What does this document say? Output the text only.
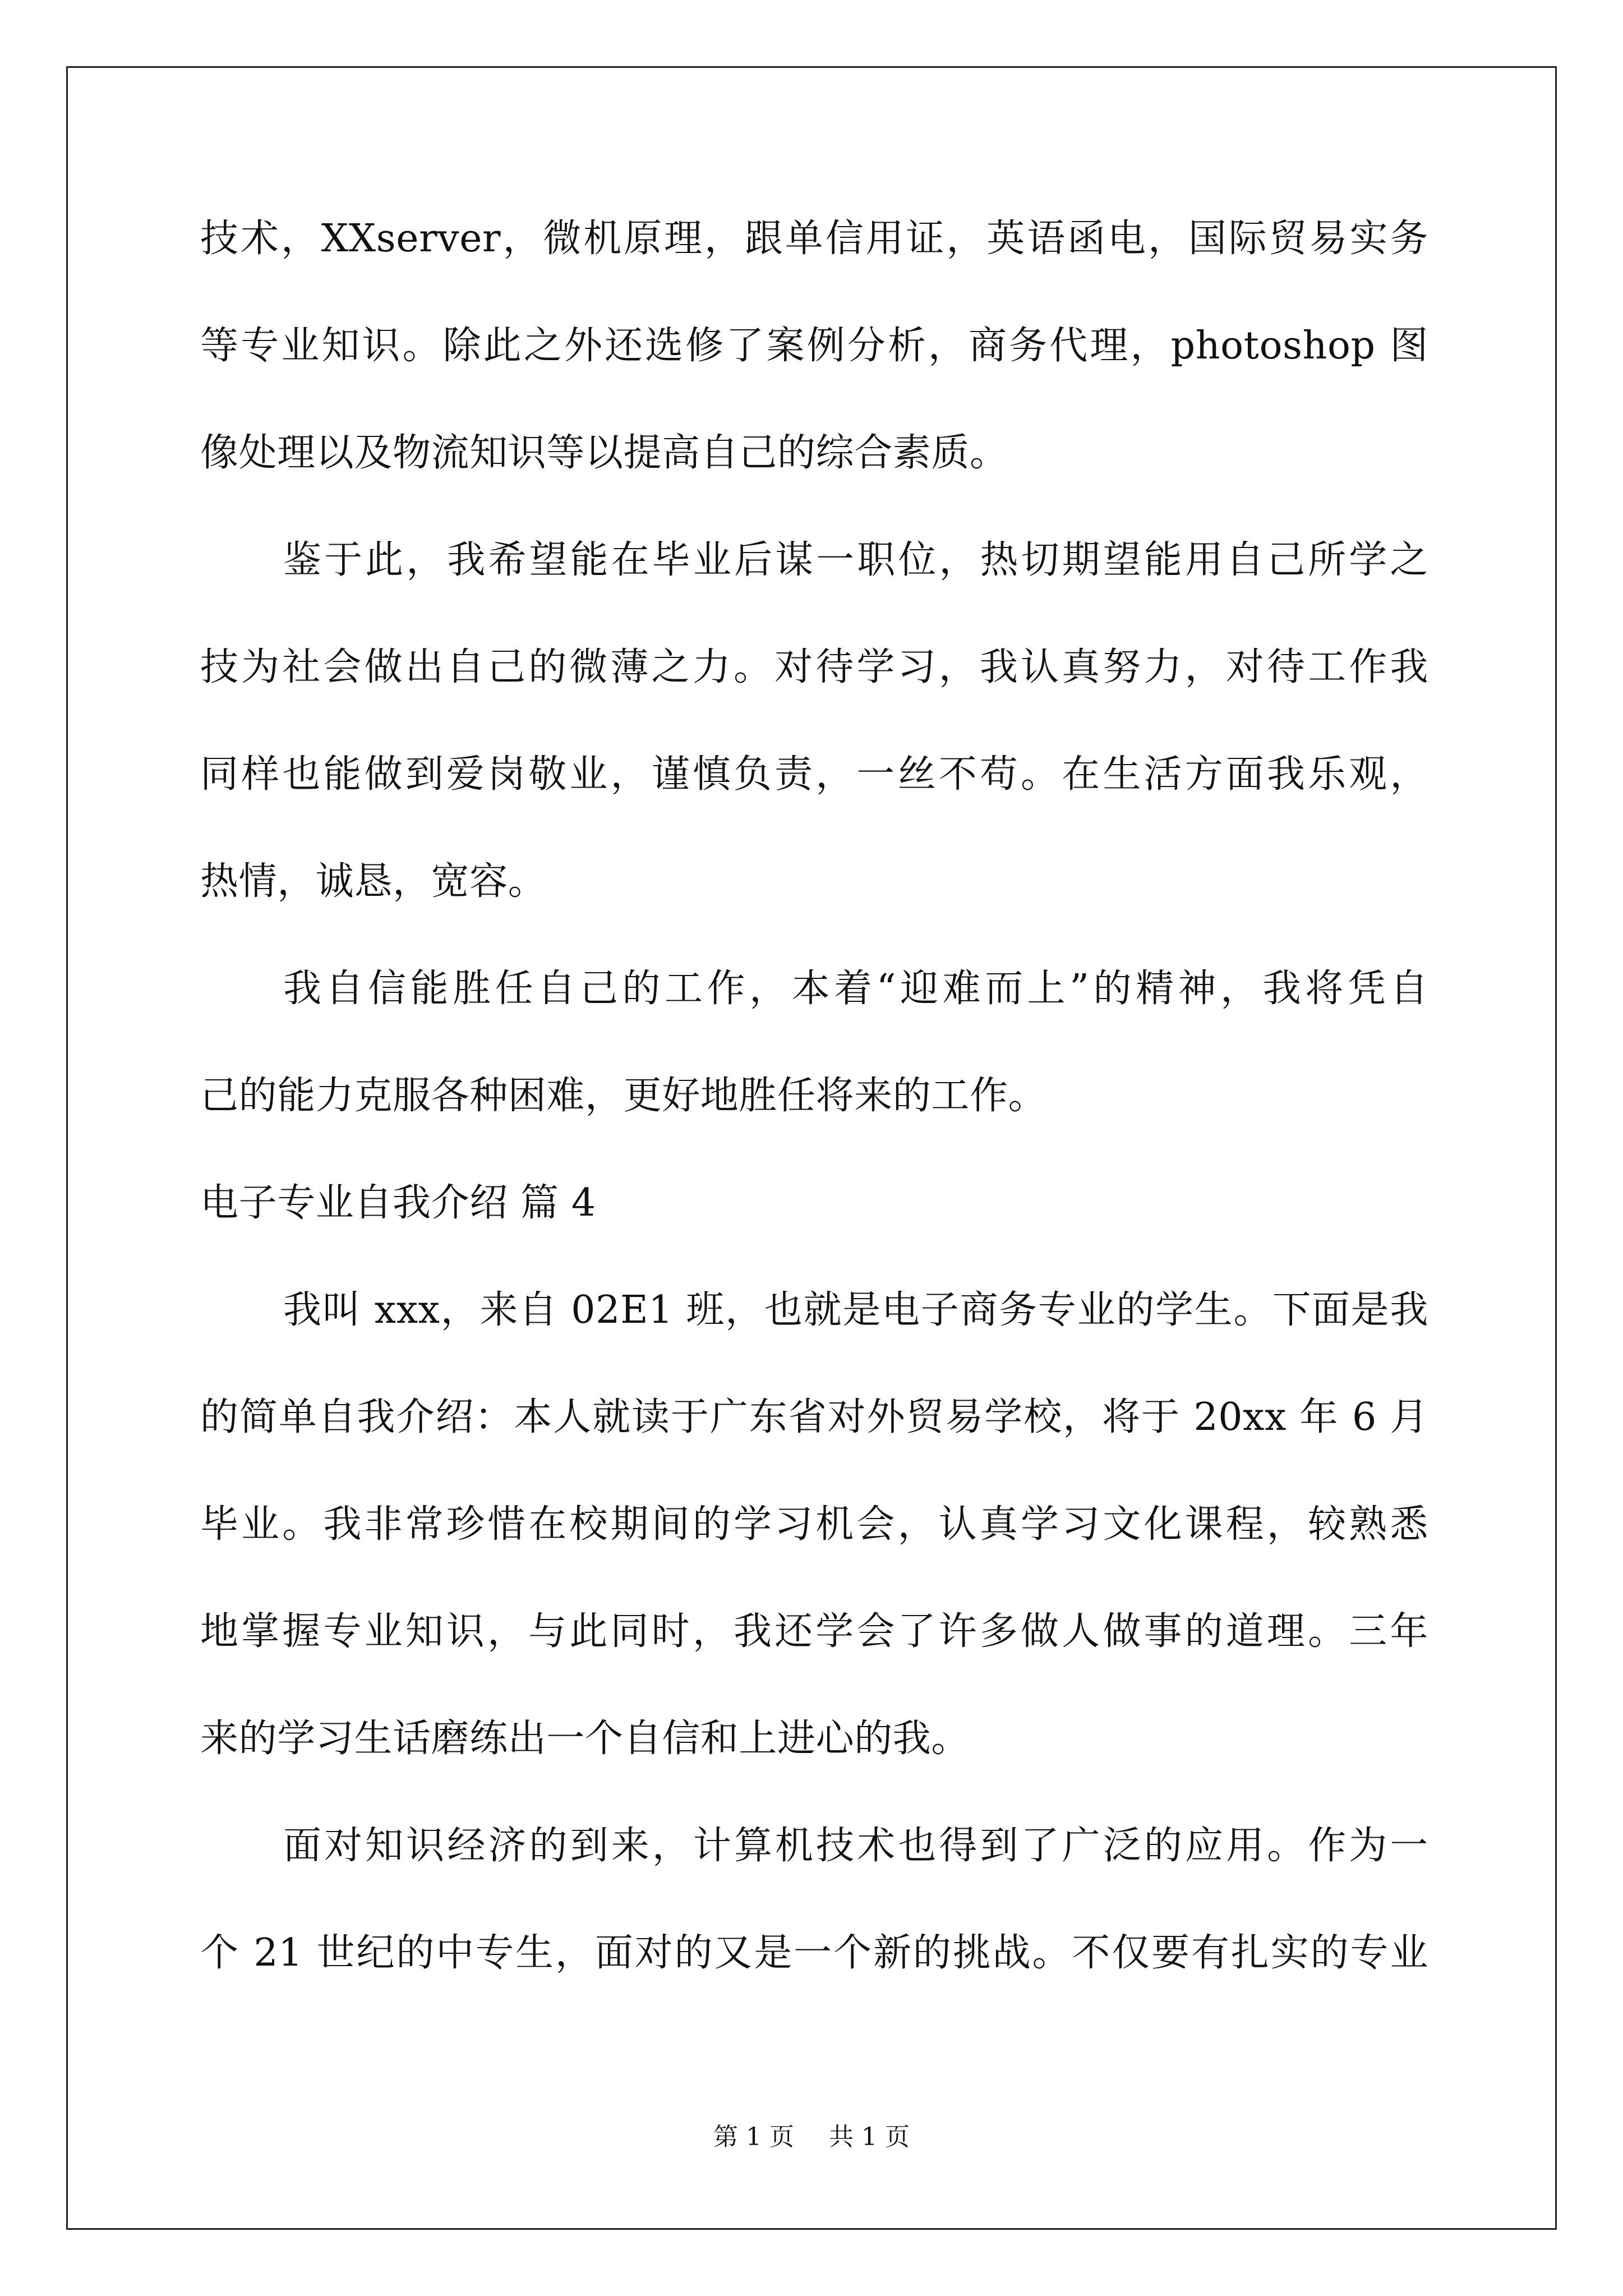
技术，XXserver，微机原理，跟单信用证，英语函电，国际贸易实务
等专业知识。除此之外还选修了案例分析，商务代理，photoshop 图
像处理以及物流知识等以提高自己的综合素质。
鉴于此，我希望能在毕业后谋一职位，热切期望能用自己所学之
技为社会做出自己的微薄之力。对待学习，我认真努力，对待工作我
同样也能做到爱岗敬业，谨慎负责，一丝不苟。在生活方面我乐观，
热情，诚恳，宽容。
我自信能胜任自己的工作，本着“迎难而上”的精神，我将凭自
己的能力克服各种困难，更好地胜任将来的工作。
电子专业自我介绍 篇 4
我叫 xxx，来自 02E1 班，也就是电子商务专业的学生。下面是我
的简单自我介绍：本人就读于广东省对外贸易学校，将于 20xx 年 6 月
毕业。我非常珍惜在校期间的学习机会，认真学习文化课程，较熟悉
地掌握专业知识，与此同时，我还学会了许多做人做事的道理。三年
来的学习生话磨练出一个自信和上进心的我。
面对知识经济的到来，计算机技术也得到了广泛的应用。作为一
个 21 世纪的中专生，面对的又是一个新的挑战。不仅要有扎实的专业
第 1 页 共 1 页
